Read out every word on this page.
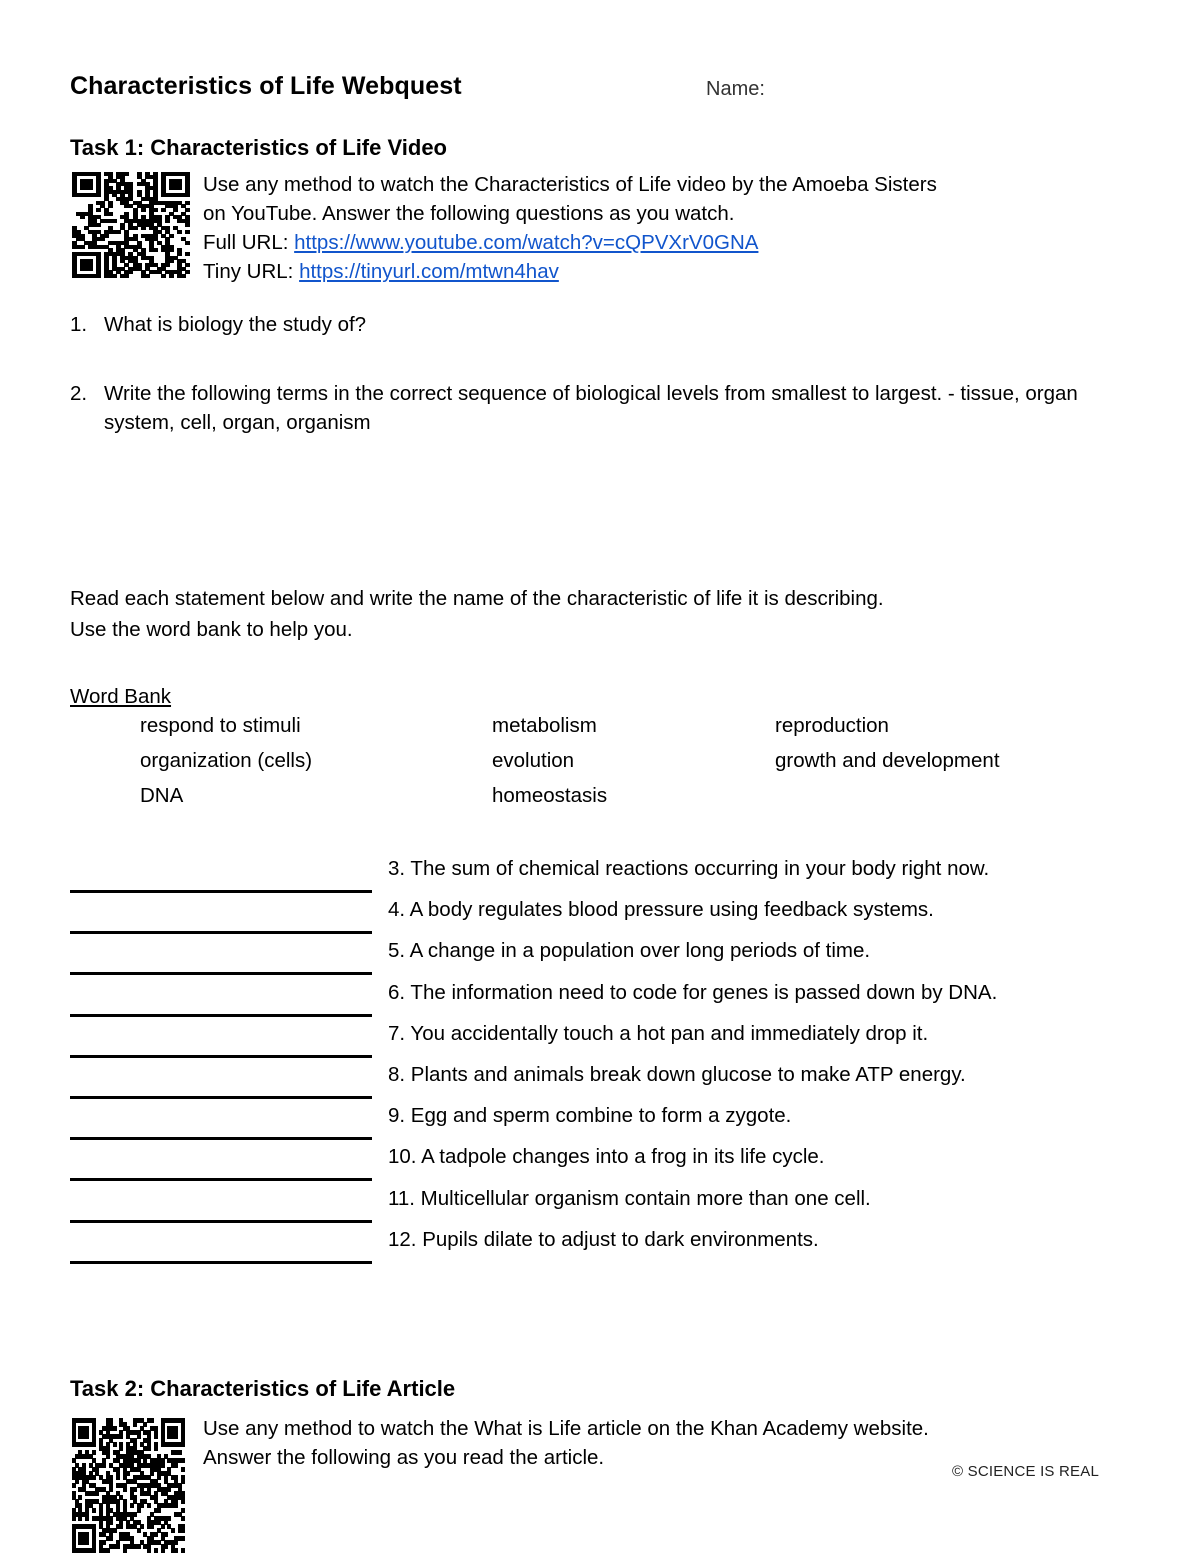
Characteristics of Life Webquest	Name:
Task 1: Characteristics of Life Video
Use any method to watch the Characteristics of Life video by the Amoeba Sisters
on YouTube. Answer the following questions as you watch.
Full URL: https://www.youtube.com/watch?v=cQPVXrV0GNA
Tiny URL: https://tinyurl.com/mtwn4hav
1. What is biology the study of?
2. Write the following terms in the correct sequence of biological levels from smallest to largest. - tissue, organ system, cell, organ, organism
Read each statement below and write the name of the characteristic of life it is describing.
Use the word bank to help you.
Word Bank
respond to stimuli	metabolism	reproduction
organization (cells)	evolution	growth and development
DNA	homeostasis
3. The sum of chemical reactions occurring in your body right now.
4. A body regulates blood pressure using feedback systems.
5. A change in a population over long periods of time.
6. The information need to code for genes is passed down by DNA.
7. You accidentally touch a hot pan and immediately drop it.
8. Plants and animals break down glucose to make ATP energy.
9. Egg and sperm combine to form a zygote.
10. A tadpole changes into a frog in its life cycle.
11. Multicellular organism contain more than one cell.
12. Pupils dilate to adjust to dark environments.
Task 2: Characteristics of Life Article
Use any method to watch the What is Life article on the Khan Academy website.
Answer the following as you read the article.
© SCIENCE IS REAL
